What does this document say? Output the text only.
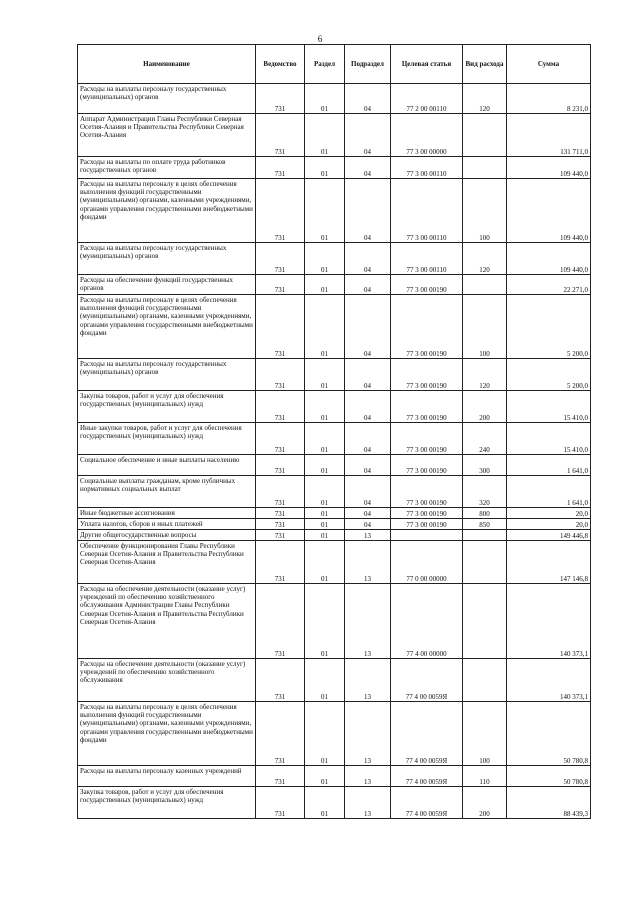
6
Наименование	Ведомство	Раздел	Подраздел	Целевая статья	Вид расхода	Сумма
Расходы на выплаты персоналу государственных (муниципальных) органов	731	01	04	77 2 00 00110	120	8 231,0
Аппарат Администрации Главы Республики Северная Осетия-Алания и Правительства Республики Северная Осетия-Алания	731	01	04	77 3 00 00000		131 711,0
Расходы на выплаты по оплате труда работников государственных органов	731	01	04	77 3 00 00110		109 440,0
Расходы на выплаты персоналу в целях обеспечения выполнения функций государственными (муниципальными) органами, казенными учреждениями, органами управления государственными внебюджетными фондами	731	01	04	77 3 00 00110	100	109 440,0
Расходы на выплаты персоналу государственных (муниципальных) органов	731	01	04	77 3 00 00110	120	109 440,0
Расходы на обеспечение функций государственных органов	731	01	04	77 3 00 00190		22 271,0
Расходы на выплаты персоналу в целях обеспечения выполнения функций государственными (муниципальными) органами, казенными учреждениями, органами управления государственными внебюджетными фондами	731	01	04	77 3 00 00190	100	5 200,0
Расходы на выплаты персоналу государственных (муниципальных) органов	731	01	04	77 3 00 00190	120	5 200,0
Закупка товаров, работ и услуг для обеспечения государственных (муниципальных) нужд	731	01	04	77 3 00 00190	200	15 410,0
Иные закупки товаров, работ и услуг для обеспечения государственных (муниципальных) нужд	731	01	04	77 3 00 00190	240	15 410,0
Социальное обеспечение и иные выплаты населению	731	01	04	77 3 00 00190	300	1 641,0
Социальные выплаты гражданам, кроме публичных нормативных социальных выплат	731	01	04	77 3 00 00190	320	1 641,0
Иные бюджетные ассигнования	731	01	04	77 3 00 00190	800	20,0
Уплата налогов, сборов и иных платежей	731	01	04	77 3 00 00190	850	20,0
Другие общегосударственные вопросы	731	01	13			149 446,8
Обеспечение функционирования Главы Республики Северная Осетия-Алания и Правительства Республики Северная Осетия-Алания	731	01	13	77 0 00 00000		147 146,8
Расходы на обеспечение деятельности (оказание услуг) учреждений по обеспечению хозяйственного обслуживания Администрации Главы Республики Северная Осетия-Алания и Правительства Республики Северная Осетия-Алания	731	01	13	77 4 00 00000		140 373,1
Расходы на обеспечение деятельности (оказание услуг) учреждений по обеспечению хозяйственного обслуживания	731	01	13	77 4 00 0059Я		140 373,1
Расходы на выплаты персоналу в целях обеспечения выполнения функций государственными (муниципальными) органами, казенными учреждениями, органами управления государственными внебюджетными фондами	731	01	13	77 4 00 0059Я	100	50 780,8
Расходы на выплаты персоналу казенных учреждений	731	01	13	77 4 00 0059Я	110	50 780,8
Закупка товаров, работ и услуг для обеспечения государственных (муниципальных) нужд	731	01	13	77 4 00 0059Я	200	88 439,3
